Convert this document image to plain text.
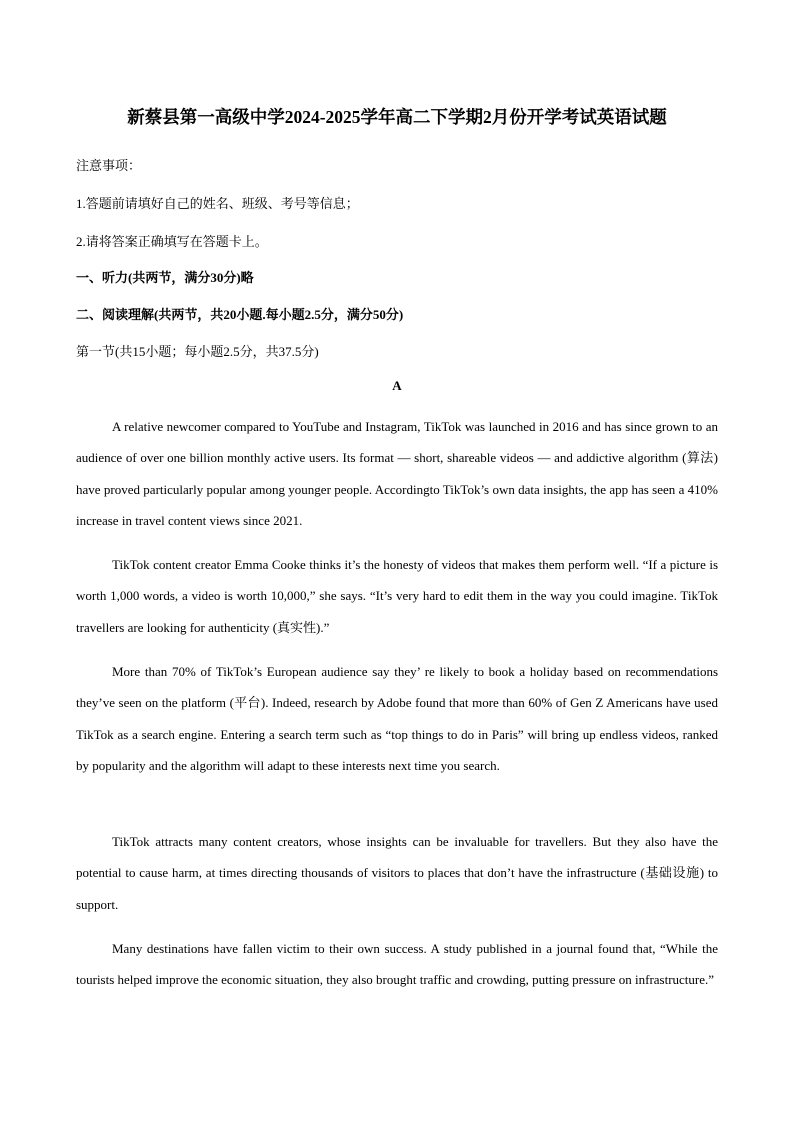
新蔡县第一高级中学2024-2025学年高二下学期2月份开学考试英语试题
注意事项：
1.答题前请填好自己的姓名、班级、考号等信息；
2.请将答案正确填写在答题卡上。
一、听力(共两节，满分30分)略
二、阅读理解(共两节，共20小题.每小题2.5分，满分50分)
第一节(共15小题；每小题2.5分，共37.5分)
A

A relative newcomer compared to YouTube and Instagram, TikTok was launched in 2016 and has since grown to an audience of over one billion monthly active users. Its format — short, shareable videos — and addictive algorithm (算法) have proved particularly popular among younger people. Accordingto TikTok’s own data insights, the app has seen a 410% increase in travel content views since 2021.

TikTok content creator Emma Cooke thinks it’s the honesty of videos that makes them perform well. “If a picture is worth 1,000 words, a video is worth 10,000,” she says. “It’s very hard to edit them in the way you could imagine. TikTok travellers are looking for authenticity (真实性).”

More than 70% of TikTok’s European audience say they’ re likely to book a holiday based on recommendations they’ve seen on the platform (平台). Indeed, research by Adobe found that more than 60% of Gen Z Americans have used TikTok as a search engine. Entering a search term such as “top things to do in Paris” will bring up endless videos, ranked by popularity and the algorithm will adapt to these interests next time you search.

TikTok attracts many content creators, whose insights can be invaluable for travellers. But they also have the potential to cause harm, at times directing thousands of visitors to places that don’t have the infrastructure (基础设施) to support.

Many destinations have fallen victim to their own success. A study published in a journal found that, “While the tourists helped improve the economic situation, they also brought traffic and crowding, putting pressure on infrastructure.”
